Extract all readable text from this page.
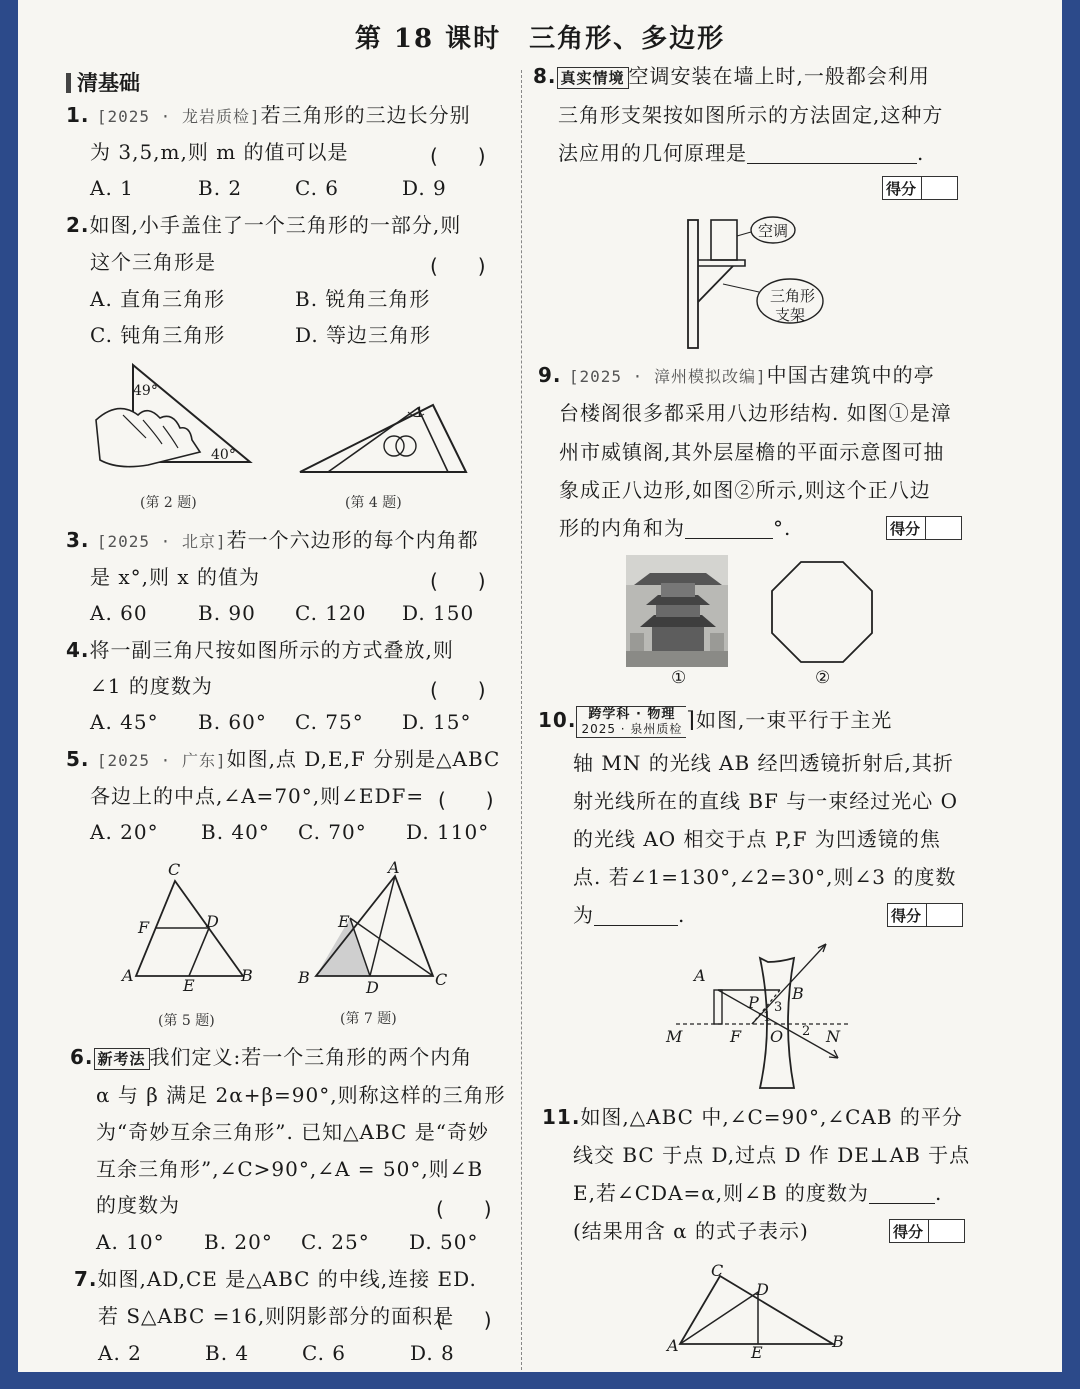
第 18 课时　三角形、多边形
清基础
1. [2025 · 龙岩质检]若三角形的三边长分别
为 3,5,m,则 m 的值可以是	(　　)
A. 1	B. 2	C. 6	D. 9
2.如图,小手盖住了一个三角形的一部分,则
这个三角形是	(　　)
A. 直角三角形	B. 锐角三角形
C. 钝角三角形	D. 等边三角形
49°
40°
(第 2 题)
1
(第 4 题)
3. [2025 · 北京]若一个六边形的每个内角都
是 x°,则 x 的值为	(　　)
A. 60	B. 90 C. 120 D. 150
4.将一副三角尺按如图所示的方式叠放,则
∠1 的度数为	(　　)
A. 45° B. 60° C. 75° D. 15°
5. [2025 · 广东]如图,点 D,E,F 分别是△ABC
各边上的中点,∠A=70°,则∠EDF= (　　)
A. 20° B. 40° C. 70° D. 110°
C
F	D
A
E
B
(第 5 题)
A
E
B
D	C
(第 7 题)
6. 新考法 我们定义:若一个三角形的两个内角
α 与 β 满足 2α+β=90°,则称这样的三角形
为“奇妙互余三角形”. 已知△ABC 是“奇妙
互余三角形”,∠C>90°,∠A = 50°,则∠B
的度数为	(　　)
A. 10° B. 20° C. 25° D. 50°
7.如图,AD,CE 是△ABC 的中线,连接 ED.
若 S△ABC =16,则阴影部分的面积是
(　　)
A. 2	B. 4	C. 6	D. 8
8. 真实情境 空调安装在墙上时,一般都会利用
三角形支架按如图所示的方法固定,这种方
法应用的几何原理是	.
得分
空调
三角形
支架
9. [2025 · 漳州模拟改编]中国古建筑中的亭
台楼阁很多都采用八边形结构. 如图①是漳
州市威镇阁,其外层屋檐的平面示意图可抽
象成正八边形,如图②所示,则这个正八边
形的内角和为	°.	得分
①	②
10. 跨学科 · 物理
2025 · 泉州质检 ⌉如图,一束平行于主光
轴 MN 的光线 AB 经凹透镜折射后,其折
射光线所在的直线 BF 与一束经过光心 O
的光线 AO 相交于点 P,F 为凹透镜的焦
点. 若∠1=130°,∠2=30°,则∠3 的度数
为	.	得分
A
B
P 3
1
2
M	F O	N
11.如图,△ABC 中,∠C=90°,∠CAB 的平分
线交 BC 于点 D,过点 D 作 DE⊥AB 于点
E,若∠CDA=α,则∠B 的度数为	.
(结果用含 α 的式子表示)	得分
C
D
A	E
B
